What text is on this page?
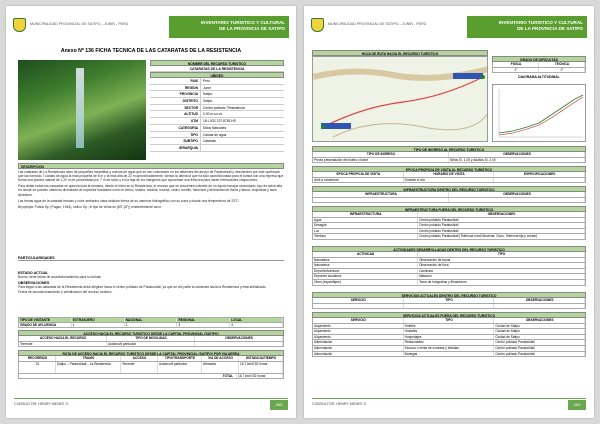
MUNICIPALIDAD PROVINCIAL DE SATIPO – JUNÍN - PERÚ	INVENTARIO TURISTICO Y CULTURAL
DE LA PROVINCIA DE SATIPO
Anexo Nº 136 FICHA TECNICA DE LAS CATARATAS DE LA RESISTENCIA
NOMBRE DEL RECURSO TURISTICO
CATARATAS DE LA RESISTENCIA
UBIGEO
PAIS	Perú
REGION	Junín
PROVINCIA	Satipo
DISTRITO	Satipo
SECTOR	Centro poblado ´Resistencia´
ALTITUD	0.00 m.s.n.m.
UTM	18 L 532 372 8753 HS
CATEGORIA	Sitios Naturales
TIPO	Caídas de agua
SUBTIPO	Catarata
JERARQUIA
DESCRIPCION
Las cataratas de La Resistencia caen de pequeñas mesetillas y cuevas de agua que se van colectando en los afluentes del arroyo de Paratushiali y descienden por este quebrada que las formado 7 caídas de agua la más pequeña de 8 m y la más alta de 22 m aproximadamente, siendo la última la que ha sido acondicionada para el turista con una represa que forma una piscina natural de 1.20 m de profundidad por 7 m de radio y en la faja de los márgenes que aproximan una frescura para darse refrescantes chapuzones.
Para visitar todas las cascadas se aprecia toda la semana, desde el inicio en la Resistencia, el recurso que se encuentra rodeado de un tupido bosque secundario; tipo de selva alta en donde se pueden observar diversidad de especies forestales como el cetico, shaina, bolaina, moena, cedro, tornillo, helechos y diversidad de flores y fauna, orquídeas y aves silvestres.
Las fresas agua de la catarata frescas y color ambarino clara dedican forma de su caminos hidrográfico con su zona y donde una temperatura de 23°C
Bryophyta: Pulsia Sp. (Pagan, 1944), cetico Sp., el tipo de clima es (83°-(8°)) evidentemente seco.
PARTICULARIDADES
ESTADO ACTUAL
Bueno, tiene obras de acondicionamiento para su turista.
OBSERVACIONES
Para llegar a las cataratas de la Resistencia debe dirigirse hacia el centro poblado de Paratushiali, ya que de ahí parte la caminata hacia la Resistencia y está señalizado.
Fecha de acondicionamiento y señalización del recurso turístico.
TIPO DE VISITANTE	EXTRANJERO	NACIONAL	REGIONAL	LOCAL
GRADO DE AFLUENCIA	1	2	3	4
ACCESO HACIA EL RECURSO TURISTICO DESDE LA CAPITAL PROVINCIAL (SATIPO)
ACCESO HACIA EL RECURSO	TIPO DE MOVILIDAD	OBSERVACIONES
Terrestre	Automovil particular
RUTA DE ACCESO HACIA EL RECURSO TURISTICO DESDE LA CAPITAL PROVINCIAL (SATIPO) POR VIA AEREA
RECORRIDO	TRAMO	ACCESO	TIPO/TRANSPORTE	VIA DE ACCESO	DISTANCIA/TIEMPO
01	Satipo – Paratushiali – La Resistencia	Terrestre	Automovil particular	Afirmada	16.7 km/0:52 horas
TOTAL	16.7 km/0:52 horas
CONSULTOR: HENRY MENES S.	460
MUNICIPALIDAD PROVINCIAL DE SATIPO – JUNÍN - PERÚ	INVENTARIO TURISTICO Y CULTURAL
DE LA PROVINCIA DE SATIPO
HOJA DE RUTA HACIA EL RECURSO TURISTICO
GRADO DE DIFICULTAD
FISICA	TECNICA
2°	2°
DIAGRAMA ALTITUDINAL
TIPO DE INGRESO AL RECURSO TURISTICO
TIPO DE INGRESO	OBSERVACIONES
Previa presentación del boleto o ticket	Niños S/. 1.00 y Adultos S/. 2.00
EPOCA PROPICIA DE VISITA AL RECURSO TURISTICO
EPOCA PROPICIA DE VISITA	HORARIO DE VISITA	ESPECIFICACIONES
Abril a noviembre	Durante el día
INFRAESTRUCTURA DENTRO DEL RECURSO TURISTICO
INFRAESTRUCTURA	OBSERVACIONES
INFRAESTRUCTURA FUERA DEL RECURSO TURISTICO
INFRAESTRUCTURA	OBSERVACIONES
Agua	Centro poblado Paratushiali
Desagüe	Centro poblado Paratushiali
Luz	Centro poblado Paratushiali
Teléfono	Centro poblado Paratushiali (Telefonía móvil Movistar, Claro, Telefonía fija y celular)
ACTIVIDADES DESARROLLADAS DENTRO DEL RECURSO TURISTICO
ACTIVIDAD	TIPO
Naturaleza	Observación de fauna
Naturaleza	Observación de flora
Deporte/Aventura	Caminata
Deportes acuáticos	Natación
Otros (especifique)	Toma de fotografías y filmaciones
SERVICIOS ACTUALES DENTRO DEL RECURSO TURISTICO
SERVICIO	TIPO	OBSERVACIONES
SERVICIOS ACTUALES FUERA DEL RECURSO TURISTICO
SERVICIO	TIPO	OBSERVACIONES
Alojamiento	Hoteles	Ciudad de Satipo
Alojamiento	Hostales	Ciudad de Satipo
Alojamiento	Hospedajes	Ciudad de Satipo
Alimentación	Restaurantes	Centro poblado Paratushiali
Alimentación	Kioscos o venta de comidas y bebidas	Centro poblado Paratushiali
Alimentación	Bodegas	Centro poblado Paratushiali
CONSULTOR: HENRY MENES S.	463
